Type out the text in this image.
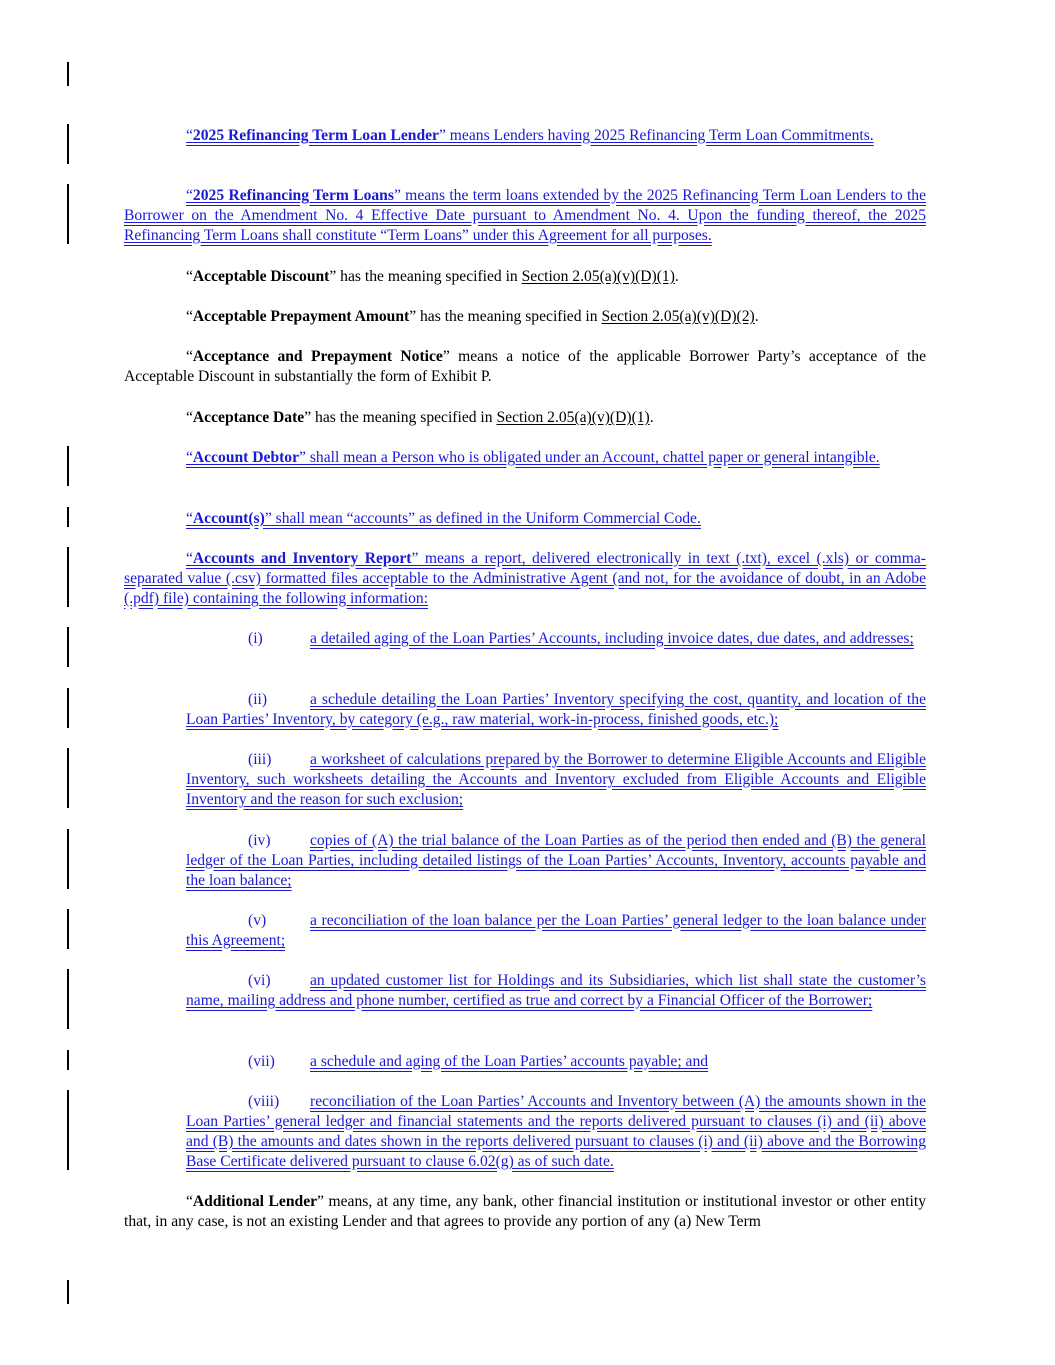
“2025 Refinancing Term Loan Lender” means Lenders having 2025 Refinancing Term Loan Commitments.

“2025 Refinancing Term Loans” means the term loans extended by the 2025 Refinancing Term Loan Lenders to the Borrower on the Amendment No. 4 Effective Date pursuant to Amendment No. 4. Upon the funding thereof, the 2025 Refinancing Term Loans shall constitute “Term Loans” under this Agreement for all purposes.

“Acceptable Discount” has the meaning specified in Section 2.05(a)(v)(D)(1).

“Acceptable Prepayment Amount” has the meaning specified in Section 2.05(a)(v)(D)(2).

“Acceptance and Prepayment Notice” means a notice of the applicable Borrower Party’s acceptance of the Acceptable Discount in substantially the form of Exhibit P.

“Acceptance Date” has the meaning specified in Section 2.05(a)(v)(D)(1).

“Account Debtor” shall mean a Person who is obligated under an Account, chattel paper or general intangible.

“Account(s)” shall mean “accounts” as defined in the Uniform Commercial Code.

“Accounts and Inventory Report” means a report, delivered electronically in text (.txt), excel (.xls) or comma-separated value (.csv) formatted files acceptable to the Administrative Agent (and not, for the avoidance of doubt, in an Adobe (.pdf) file) containing the following information:

(i)	a detailed aging of the Loan Parties’ Accounts, including invoice dates, due dates, and addresses;

(ii)	a schedule detailing the Loan Parties’ Inventory specifying the cost, quantity, and location of the Loan Parties’ Inventory, by category (e.g., raw material, work-in-process, finished goods, etc.);

(iii) a worksheet of calculations prepared by the Borrower to determine Eligible Accounts and Eligible Inventory, such worksheets detailing the Accounts and Inventory excluded from Eligible Accounts and Eligible Inventory and the reason for such exclusion;

(iv)	copies of (A) the trial balance of the Loan Parties as of the period then ended and (B) the general ledger of the Loan Parties, including detailed listings of the Loan Parties’ Accounts, Inventory, accounts payable and the loan balance;

(v)	a reconciliation of the loan balance per the Loan Parties’ general ledger to the loan balance under this Agreement;

(vi)	an updated customer list for Holdings and its Subsidiaries, which list shall state the customer’s name, mailing address and phone number, certified as true and correct by a Financial Officer of the Borrower;

(vii) a schedule and aging of the Loan Parties’ accounts payable; and

(viii) reconciliation of the Loan Parties’ Accounts and Inventory between (A) the amounts shown in the Loan Parties’ general ledger and financial statements and the reports delivered pursuant to clauses (i) and (ii) above and (B) the amounts and dates shown in the reports delivered pursuant to clauses (i) and (ii) above and the Borrowing Base Certificate delivered pursuant to clause 6.02(g) as of such date.

“Additional Lender” means, at any time, any bank, other financial institution or institutional investor or other entity that, in any case, is not an existing Lender and that agrees to provide any portion of any (a) New Term
